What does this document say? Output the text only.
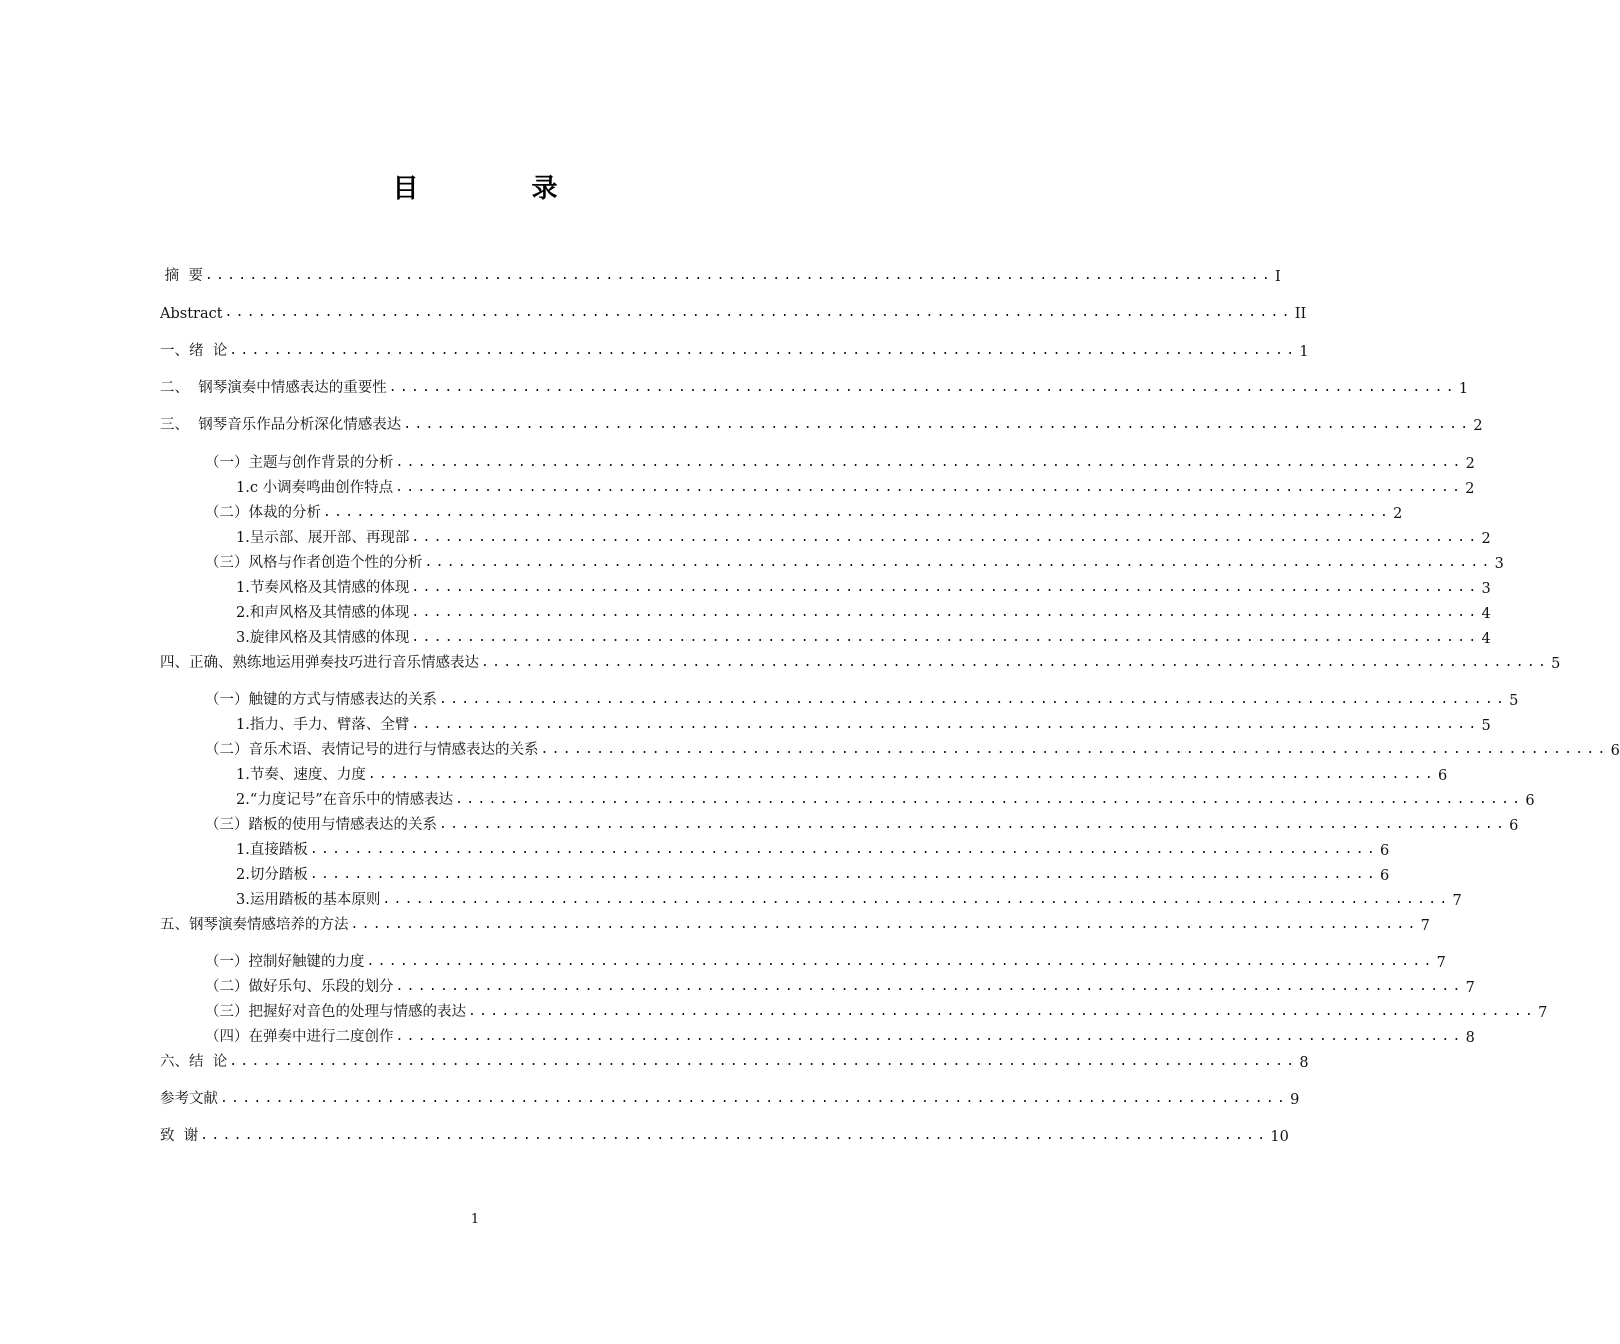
目 录
摘  要 ................................................................................................ I
Abstract ................................................................................................ II
一、绪  论 ................................................................................................ 1
二、  钢琴演奏中情感表达的重要性 ................................................................................................ 1
三、  钢琴音乐作品分析深化情感表达 ................................................................................................ 2
（一）主题与创作背景的分析 ................................................................................................ 2
1.c 小调奏鸣曲创作特点 ................................................................................................ 2
（二）体裁的分析 ................................................................................................ 2
1.呈示部、展开部、再现部 ................................................................................................ 2
（三）风格与作者创造个性的分析 ................................................................................................ 3
1.节奏风格及其情感的体现 ................................................................................................ 3
2.和声风格及其情感的体现 ................................................................................................ 4
3.旋律风格及其情感的体现 ................................................................................................ 4
四、正确、熟练地运用弹奏技巧进行音乐情感表达 ................................................................................................ 5
（一）触键的方式与情感表达的关系 ................................................................................................ 5
1.指力、手力、臂落、全臂 ................................................................................................ 5
（二）音乐术语、表情记号的进行与情感表达的关系 ................................................................................................ 6
1.节奏、速度、力度 ................................................................................................ 6
2.“力度记号”在音乐中的情感表达 ................................................................................................ 6
（三）踏板的使用与情感表达的关系 ................................................................................................ 6
1.直接踏板 ................................................................................................ 6
2.切分踏板 ................................................................................................ 6
3.运用踏板的基本原则 ................................................................................................ 7
五、钢琴演奏情感培养的方法 ................................................................................................ 7
（一）控制好触键的力度 ................................................................................................ 7
（二）做好乐句、乐段的划分 ................................................................................................ 7
（三）把握好对音色的处理与情感的表达 ................................................................................................ 7
（四）在弹奏中进行二度创作 ................................................................................................ 8
六、结  论 ................................................................................................ 8
参考文献 ................................................................................................ 9
致  谢 ................................................................................................ 10
1
